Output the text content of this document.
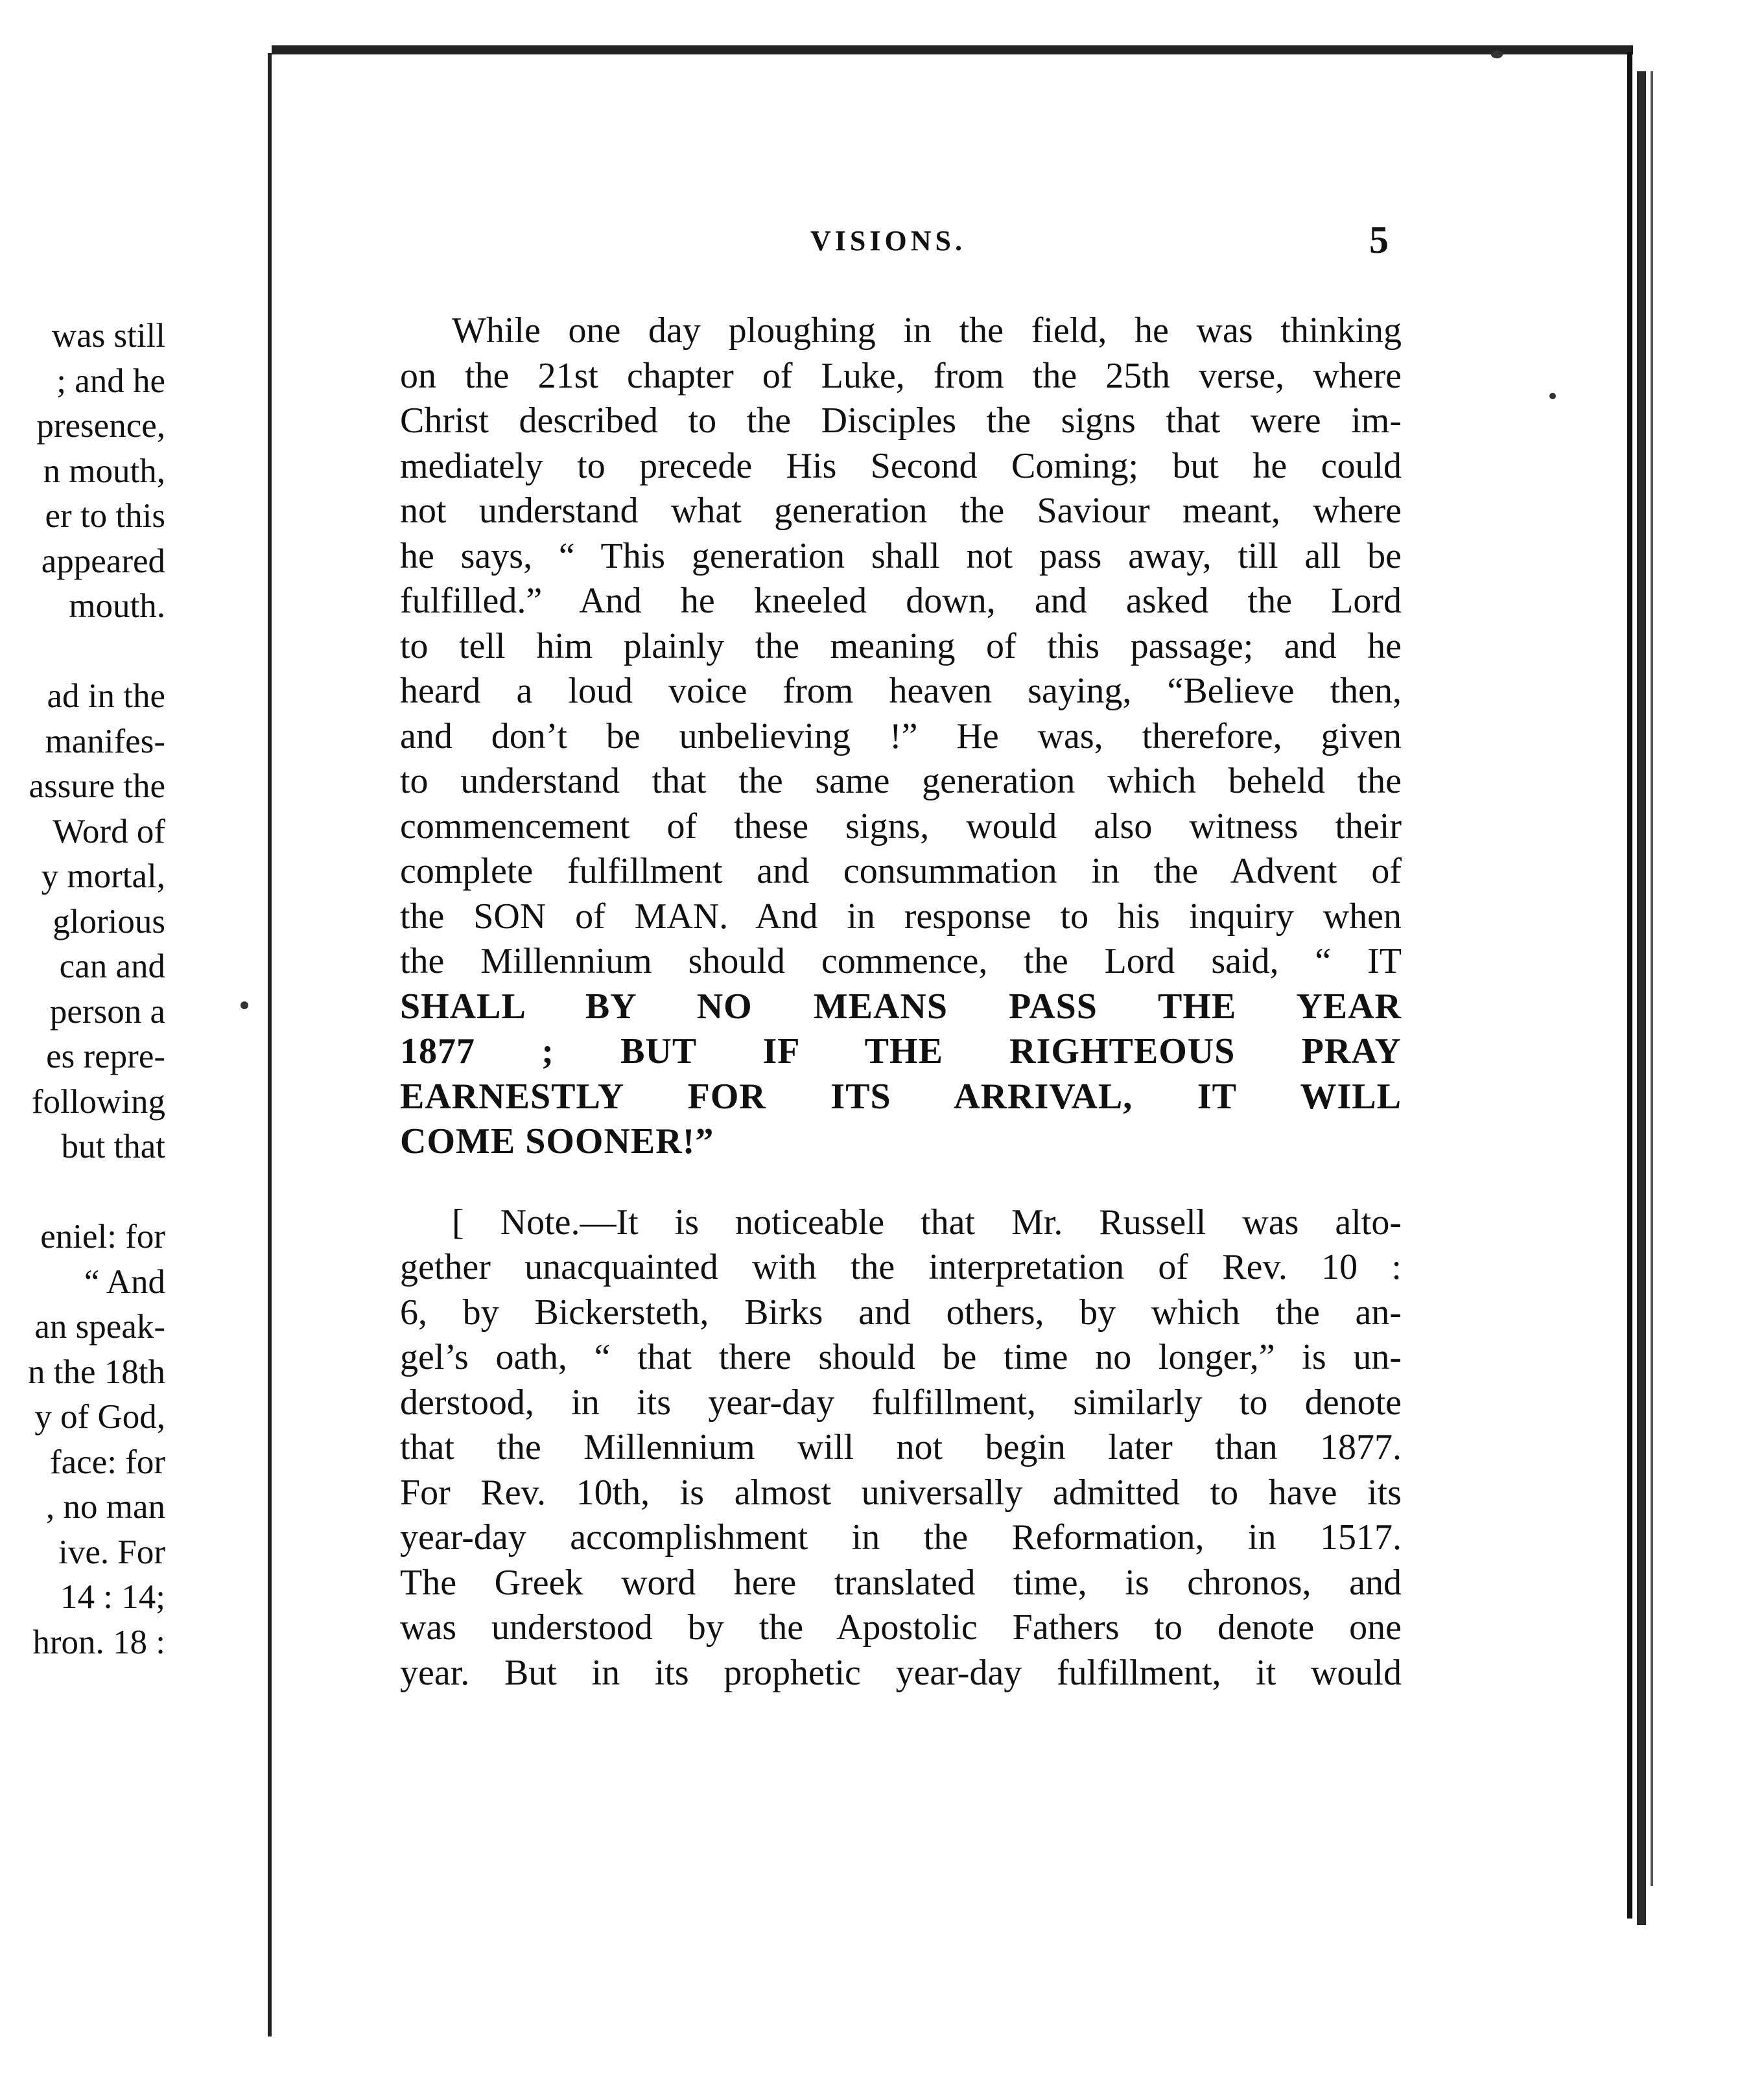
was still
; and he
presence,
n mouth,
er to this
appeared
mouth.
ad in the
manifes-
assure the
Word of
y mortal,
glorious
can and
person a
es repre-
following
but that
eniel: for
“ And
an speak-
n the 18th
y of God,
face: for
, no man
ive. For
14 : 14;
hron. 18 :
VISIONS.	5
While one day ploughing in the field, he was thinking
on the 21st chapter of Luke, from the 25th verse, where
Christ described to the Disciples the signs that were im-
mediately to precede His Second Coming; but he could
not understand what generation the Saviour meant, where
he says, “ This generation shall not pass away, till all be
fulfilled.” And he kneeled down, and asked the Lord
to tell him plainly the meaning of this passage; and he
heard a loud voice from heaven saying, “Believe then,
and don’t be unbelieving !” He was, therefore, given
to understand that the same generation which beheld the
commencement of these signs, would also witness their
complete fulfillment and consummation in the Advent of
the SON of MAN. And in response to his inquiry when
the Millennium should commence, the Lord said, “ IT
SHALL BY NO MEANS PASS THE YEAR
1877 ; BUT IF THE RIGHTEOUS PRAY
EARNESTLY FOR ITS ARRIVAL, IT WILL
COME SOONER!”
[ Note.—It is noticeable that Mr. Russell was alto-
gether unacquainted with the interpretation of Rev. 10 :
6, by Bickersteth, Birks and others, by which the an-
gel’s oath, “ that there should be time no longer,” is un-
derstood, in its year-day fulfillment, similarly to denote
that the Millennium will not begin later than 1877.
For Rev. 10th, is almost universally admitted to have its
year-day accomplishment in the Reformation, in 1517.
The Greek word here translated time, is chronos, and
was understood by the Apostolic Fathers to denote one
year. But in its prophetic year-day fulfillment, it would
